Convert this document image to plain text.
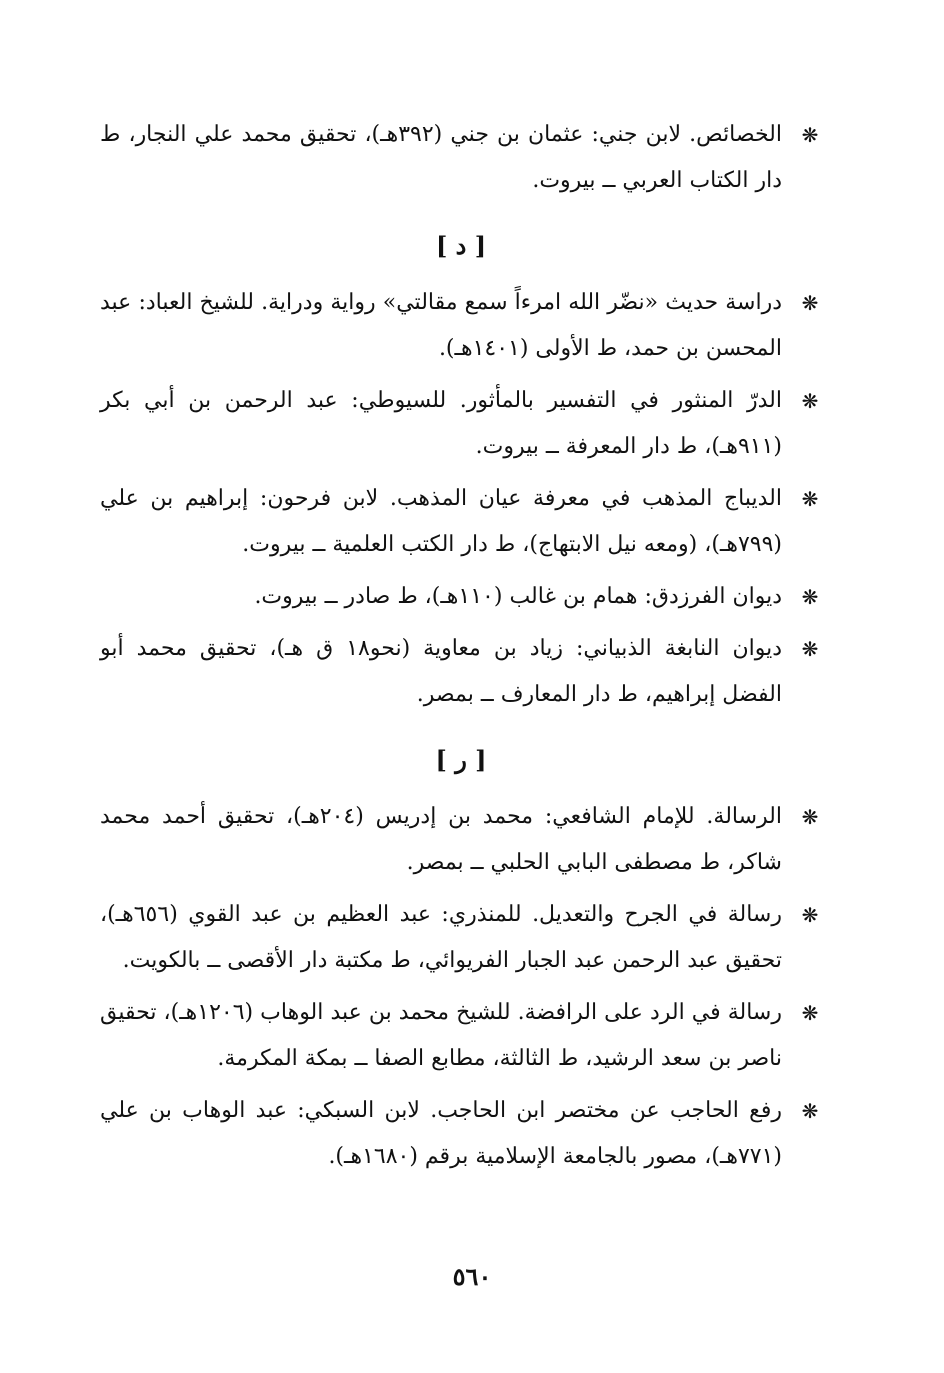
❋
الخصائص. لابن جني: عثمان بن جني (٣٩٢هـ)، تحقيق محمد علي النجار، ط دار الكتاب العربي ــ بيروت.
[ د ]
❋
دراسة حديث «نضّر الله امرءاً سمع مقالتي» رواية ودراية. للشيخ العباد: عبد المحسن بن حمد، ط الأولى (١٤٠١هـ).
❋
الدرّ المنثور في التفسير بالمأثور. للسيوطي: عبد الرحمن بن أبي بكر (٩١١هـ)، ط دار المعرفة ــ بيروت.
❋
الديباج المذهب في معرفة عيان المذهب. لابن فرحون: إبراهيم بن علي (٧٩٩هـ)، (ومعه نيل الابتهاج)، ط دار الكتب العلمية ــ بيروت.
❋
ديوان الفرزدق: همام بن غالب (١١٠هـ)، ط صادر ــ بيروت.
❋
ديوان النابغة الذبياني: زياد بن معاوية (نحو١٨ ق هـ)، تحقيق محمد أبو الفضل إبراهيم، ط دار المعارف ــ بمصر.
[ ر ]
❋
الرسالة. للإمام الشافعي: محمد بن إدريس (٢٠٤هـ)، تحقيق أحمد محمد شاكر، ط مصطفى البابي الحلبي ــ بمصر.
❋
رسالة في الجرح والتعديل. للمنذري: عبد العظيم بن عبد القوي (٦٥٦هـ)، تحقيق عبد الرحمن عبد الجبار الفريوائي، ط مكتبة دار الأقصى ــ بالكويت.
❋
رسالة في الرد على الرافضة. للشيخ محمد بن عبد الوهاب (١٢٠٦هـ)، تحقيق ناصر بن سعد الرشيد، ط الثالثة، مطابع الصفا ــ بمكة المكرمة.
❋
رفع الحاجب عن مختصر ابن الحاجب. لابن السبكي: عبد الوهاب بن علي (٧٧١هـ)، مصور بالجامعة الإسلامية برقم (١٦٨٠هـ).
٥٦٠
